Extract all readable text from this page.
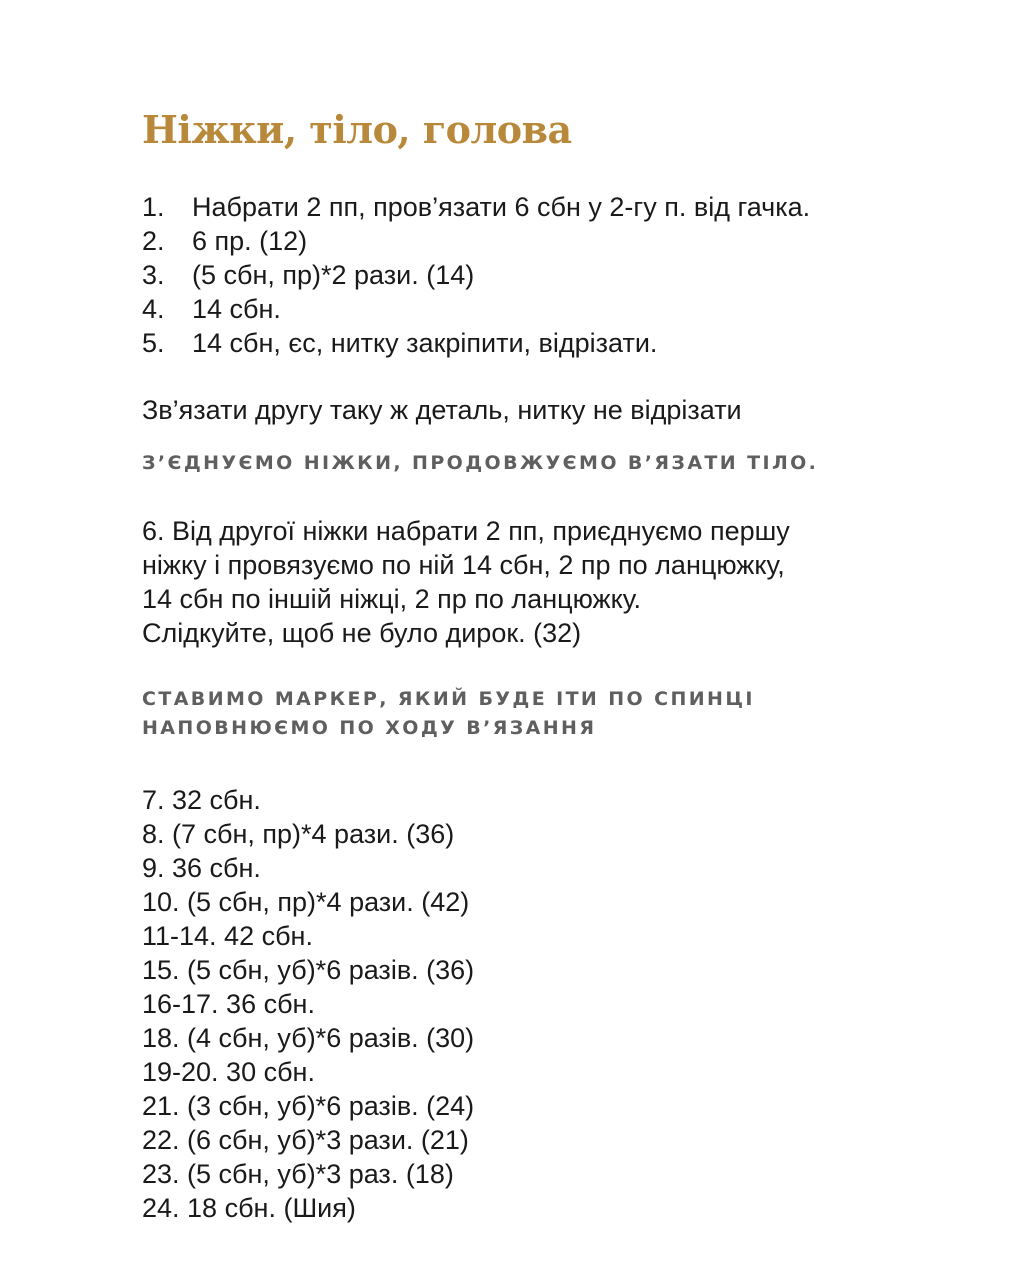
Ніжки, тіло, голова
1.	Набрати 2 пп, пров’язати 6 сбн у 2-гу п. від гачка.
2.	6 пр. (12)
3.	(5 сбн, пр)*2 рази. (14)
4.	14 сбн.
5.	14 сбн, єс, нитку закріпити, відрізати.

Зв’язати другу таку ж деталь, нитку не відрізати

З’ЄДНУЄМО НІЖКИ, ПРОДОВЖУЄМО В’ЯЗАТИ ТІЛО.

6. Від другої ніжки набрати 2 пп, приєднуємо першу

ніжку і провязуємо по ній 14 сбн, 2 пр по ланцюжку,

14 сбн по іншій ніжці, 2 пр по ланцюжку.

Слідкуйте, щоб не було дирок. (32)

СТАВИМО МАРКЕР, ЯКИЙ БУДЕ ІТИ ПО СПИНЦІ

НАПОВНЮЄМО ПО ХОДУ В’ЯЗАННЯ

7. 32 сбн.
8. (7 сбн, пр)*4 рази. (36)
9. 36 сбн.
10. (5 сбн, пр)*4 рази. (42)
11-14. 42 сбн.
15. (5 сбн, уб)*6 разів. (36)
16-17. 36 сбн.
18. (4 сбн, уб)*6 разів. (30)
19-20. 30 сбн.
21. (3 сбн, уб)*6 разів. (24)
22. (6 сбн, уб)*3 рази. (21)
23. (5 сбн, уб)*3 раз. (18)
24. 18 сбн. (Шия)
